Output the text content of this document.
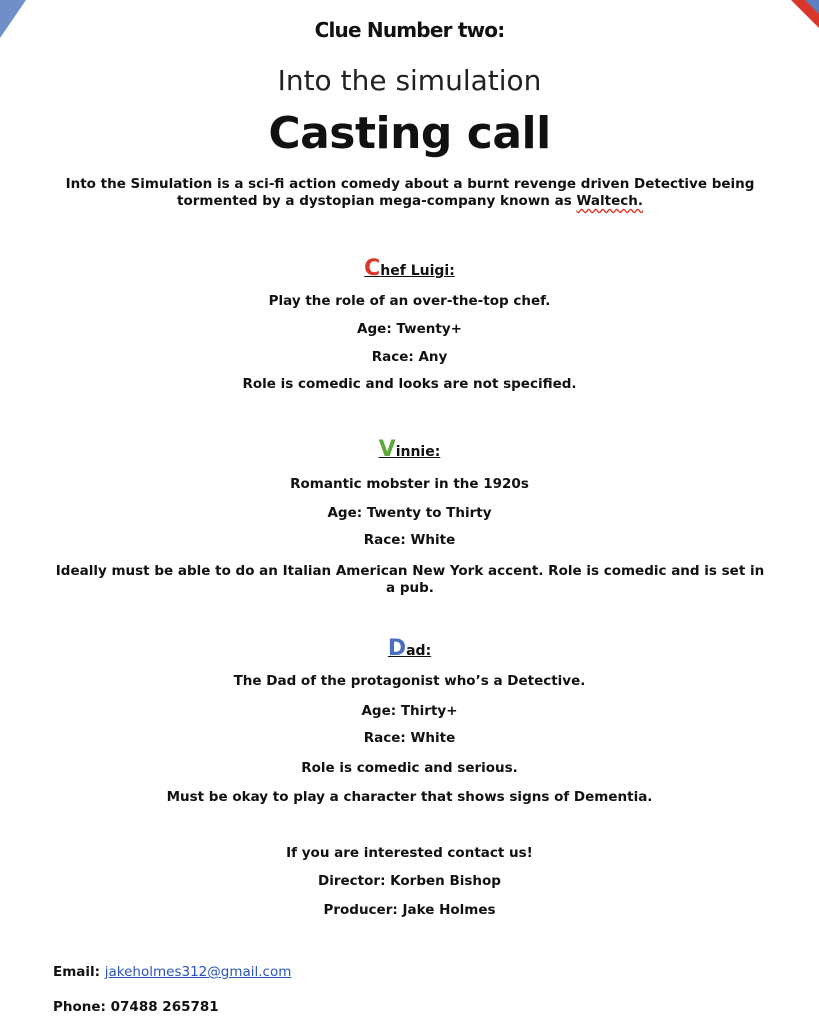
Clue Number two:

Into the simulation

Casting call

Into the Simulation is a sci-fi action comedy about a burnt revenge driven Detective being tormented by a dystopian mega-company known as Waltech.

Chef Luigi:

Play the role of an over-the-top chef.

Age: Twenty+

Race: Any

Role is comedic and looks are not specified.

Vinnie:

Romantic mobster in the 1920s

Age: Twenty to Thirty

Race: White

Ideally must be able to do an Italian American New York accent. Role is comedic and is set in a pub.

Dad:

The Dad of the protagonist who’s a Detective.

Age: Thirty+

Race: White

Role is comedic and serious.

Must be okay to play a character that shows signs of Dementia.

If you are interested contact us!

Director: Korben Bishop

Producer: Jake Holmes

Email: jakeholmes312@gmail.com

Phone: 07488 265781
